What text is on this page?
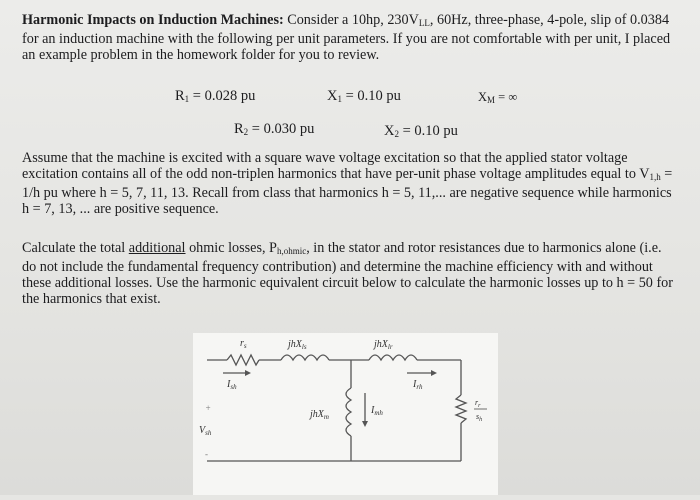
Harmonic Impacts on Induction Machines: Consider a 10hp, $230V_{LL}$, 60Hz, three-phase, 4-pole, slip of 0.0384 for an induction machine with the following per unit parameters. If you are not comfortable with per unit, I placed an example problem in the homework folder for you to review.
$R_1 = 0.028$ pu	$X_1 = 0.10$ pu	$X_M$ = ∞
$R_2 = 0.030$ pu	$X_2 = 0.10$ pu
Assume that the machine is excited with a square wave voltage excitation so that the applied stator voltage excitation contains all of the odd non-triplen harmonics that have per-unit phase voltage amplitudes equal to $V_{1,h} = 1/h$ pu where h = 5, 7, 11, 13. Recall from class that harmonics h = 5, 11,... are negative sequence while harmonics h = 7, 13, ... are positive sequence.
Calculate the total additional ohmic losses, $P_{h,ohmic}$, in the stator and rotor resistances due to harmonics alone (i.e. do not include the fundamental frequency contribution) and determine the machine efficiency with and without these additional losses. Use the harmonic equivalent circuit below to calculate the harmonic losses up to h = 50 for the harmonics that exist.
+
-
$r_s$	jhX$_{ls}$	jhX$_{lr}$
$I_{sh}$	$I_{rh}$
jhX$_m$
$I_{mh}$
$V_{sh}$
$r_r$
$s_h$
